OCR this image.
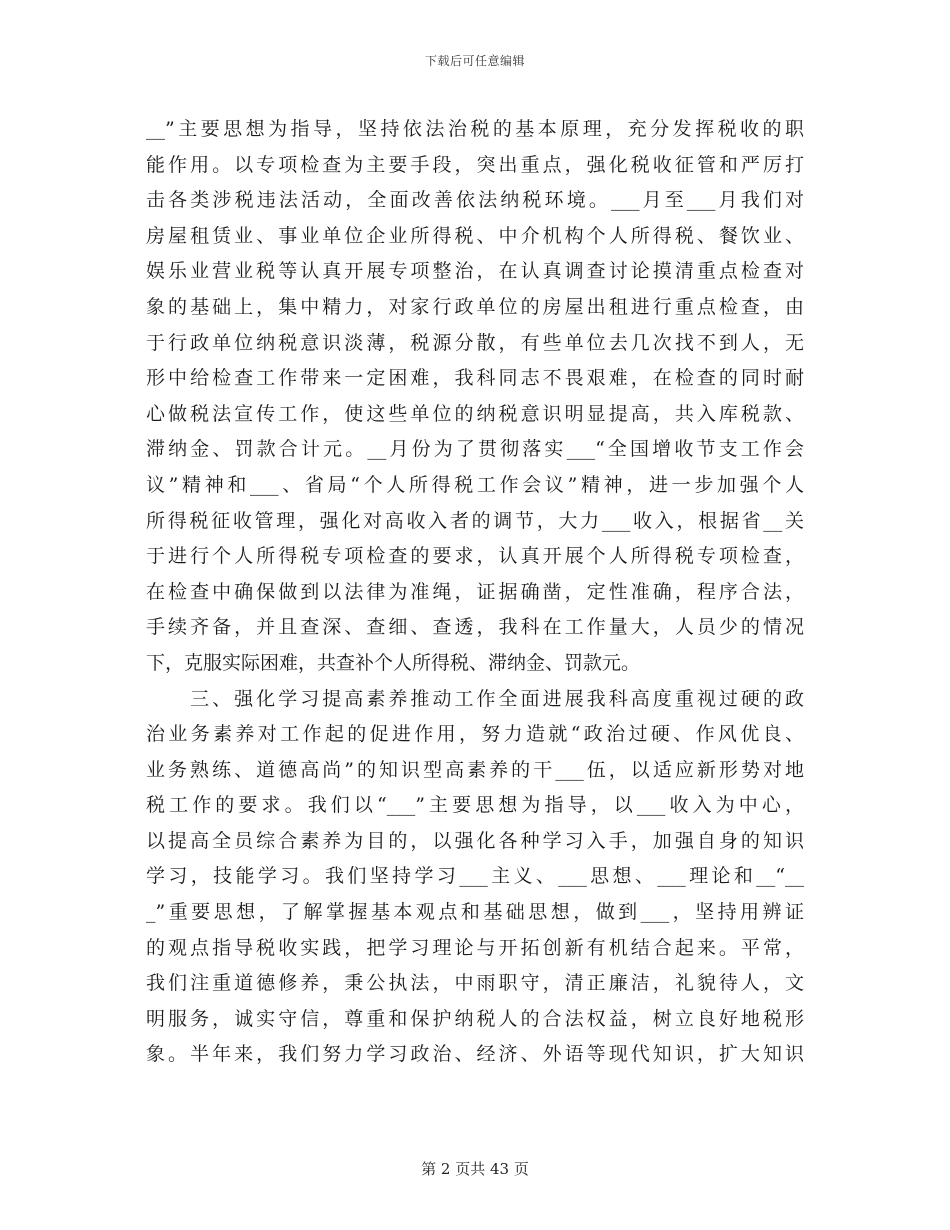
下载后可任意编辑
__”主要思想为指导，坚持依法治税的基本原理，充分发挥税收的职
能作用。以专项检查为主要手段，突出重点，强化税收征管和严厉打
击各类涉税违法活动，全面改善依法纳税环境。___月至___月我们对
房屋租赁业、事业单位企业所得税、中介机构个人所得税、餐饮业、
娱乐业营业税等认真开展专项整治，在认真调查讨论摸清重点检查对
象的基础上，集中精力，对家行政单位的房屋出租进行重点检查，由
于行政单位纳税意识淡薄，税源分散，有些单位去几次找不到人，无
形中给检查工作带来一定困难，我科同志不畏艰难，在检查的同时耐
心做税法宣传工作，使这些单位的纳税意识明显提高，共入库税款、
滞纳金、罚款合计元。__月份为了贯彻落实___“全国增收节支工作会
议”精神和___、省局“个人所得税工作会议”精神，进一步加强个人
所得税征收管理，强化对高收入者的调节，大力___收入，根据省__关
于进行个人所得税专项检查的要求，认真开展个人所得税专项检查，
在检查中确保做到以法律为准绳，证据确凿，定性准确，程序合法，
手续齐备，并且查深、查细、查透，我科在工作量大，人员少的情况
下，克服实际困难，共查补个人所得税、滞纳金、罚款元。
　　三、强化学习提高素养推动工作全面进展我科高度重视过硬的政
治业务素养对工作起的促进作用，努力造就“政治过硬、作风优良、
业务熟练、道德高尚”的知识型高素养的干___伍，以适应新形势对地
税工作的要求。我们以“___”主要思想为指导，以___收入为中心，
以提高全员综合素养为目的，以强化各种学习入手，加强自身的知识
学习，技能学习。我们坚持学习___主义、___思想、___理论和__“__
_”重要思想，了解掌握基本观点和基础思想，做到___，坚持用辨证
的观点指导税收实践，把学习理论与开拓创新有机结合起来。平常，
我们注重道德修养，秉公执法，中雨职守，清正廉洁，礼貌待人，文
明服务，诚实守信，尊重和保护纳税人的合法权益，树立良好地税形
象。半年来，我们努力学习政治、经济、外语等现代知识，扩大知识
第 2 页共 43 页
